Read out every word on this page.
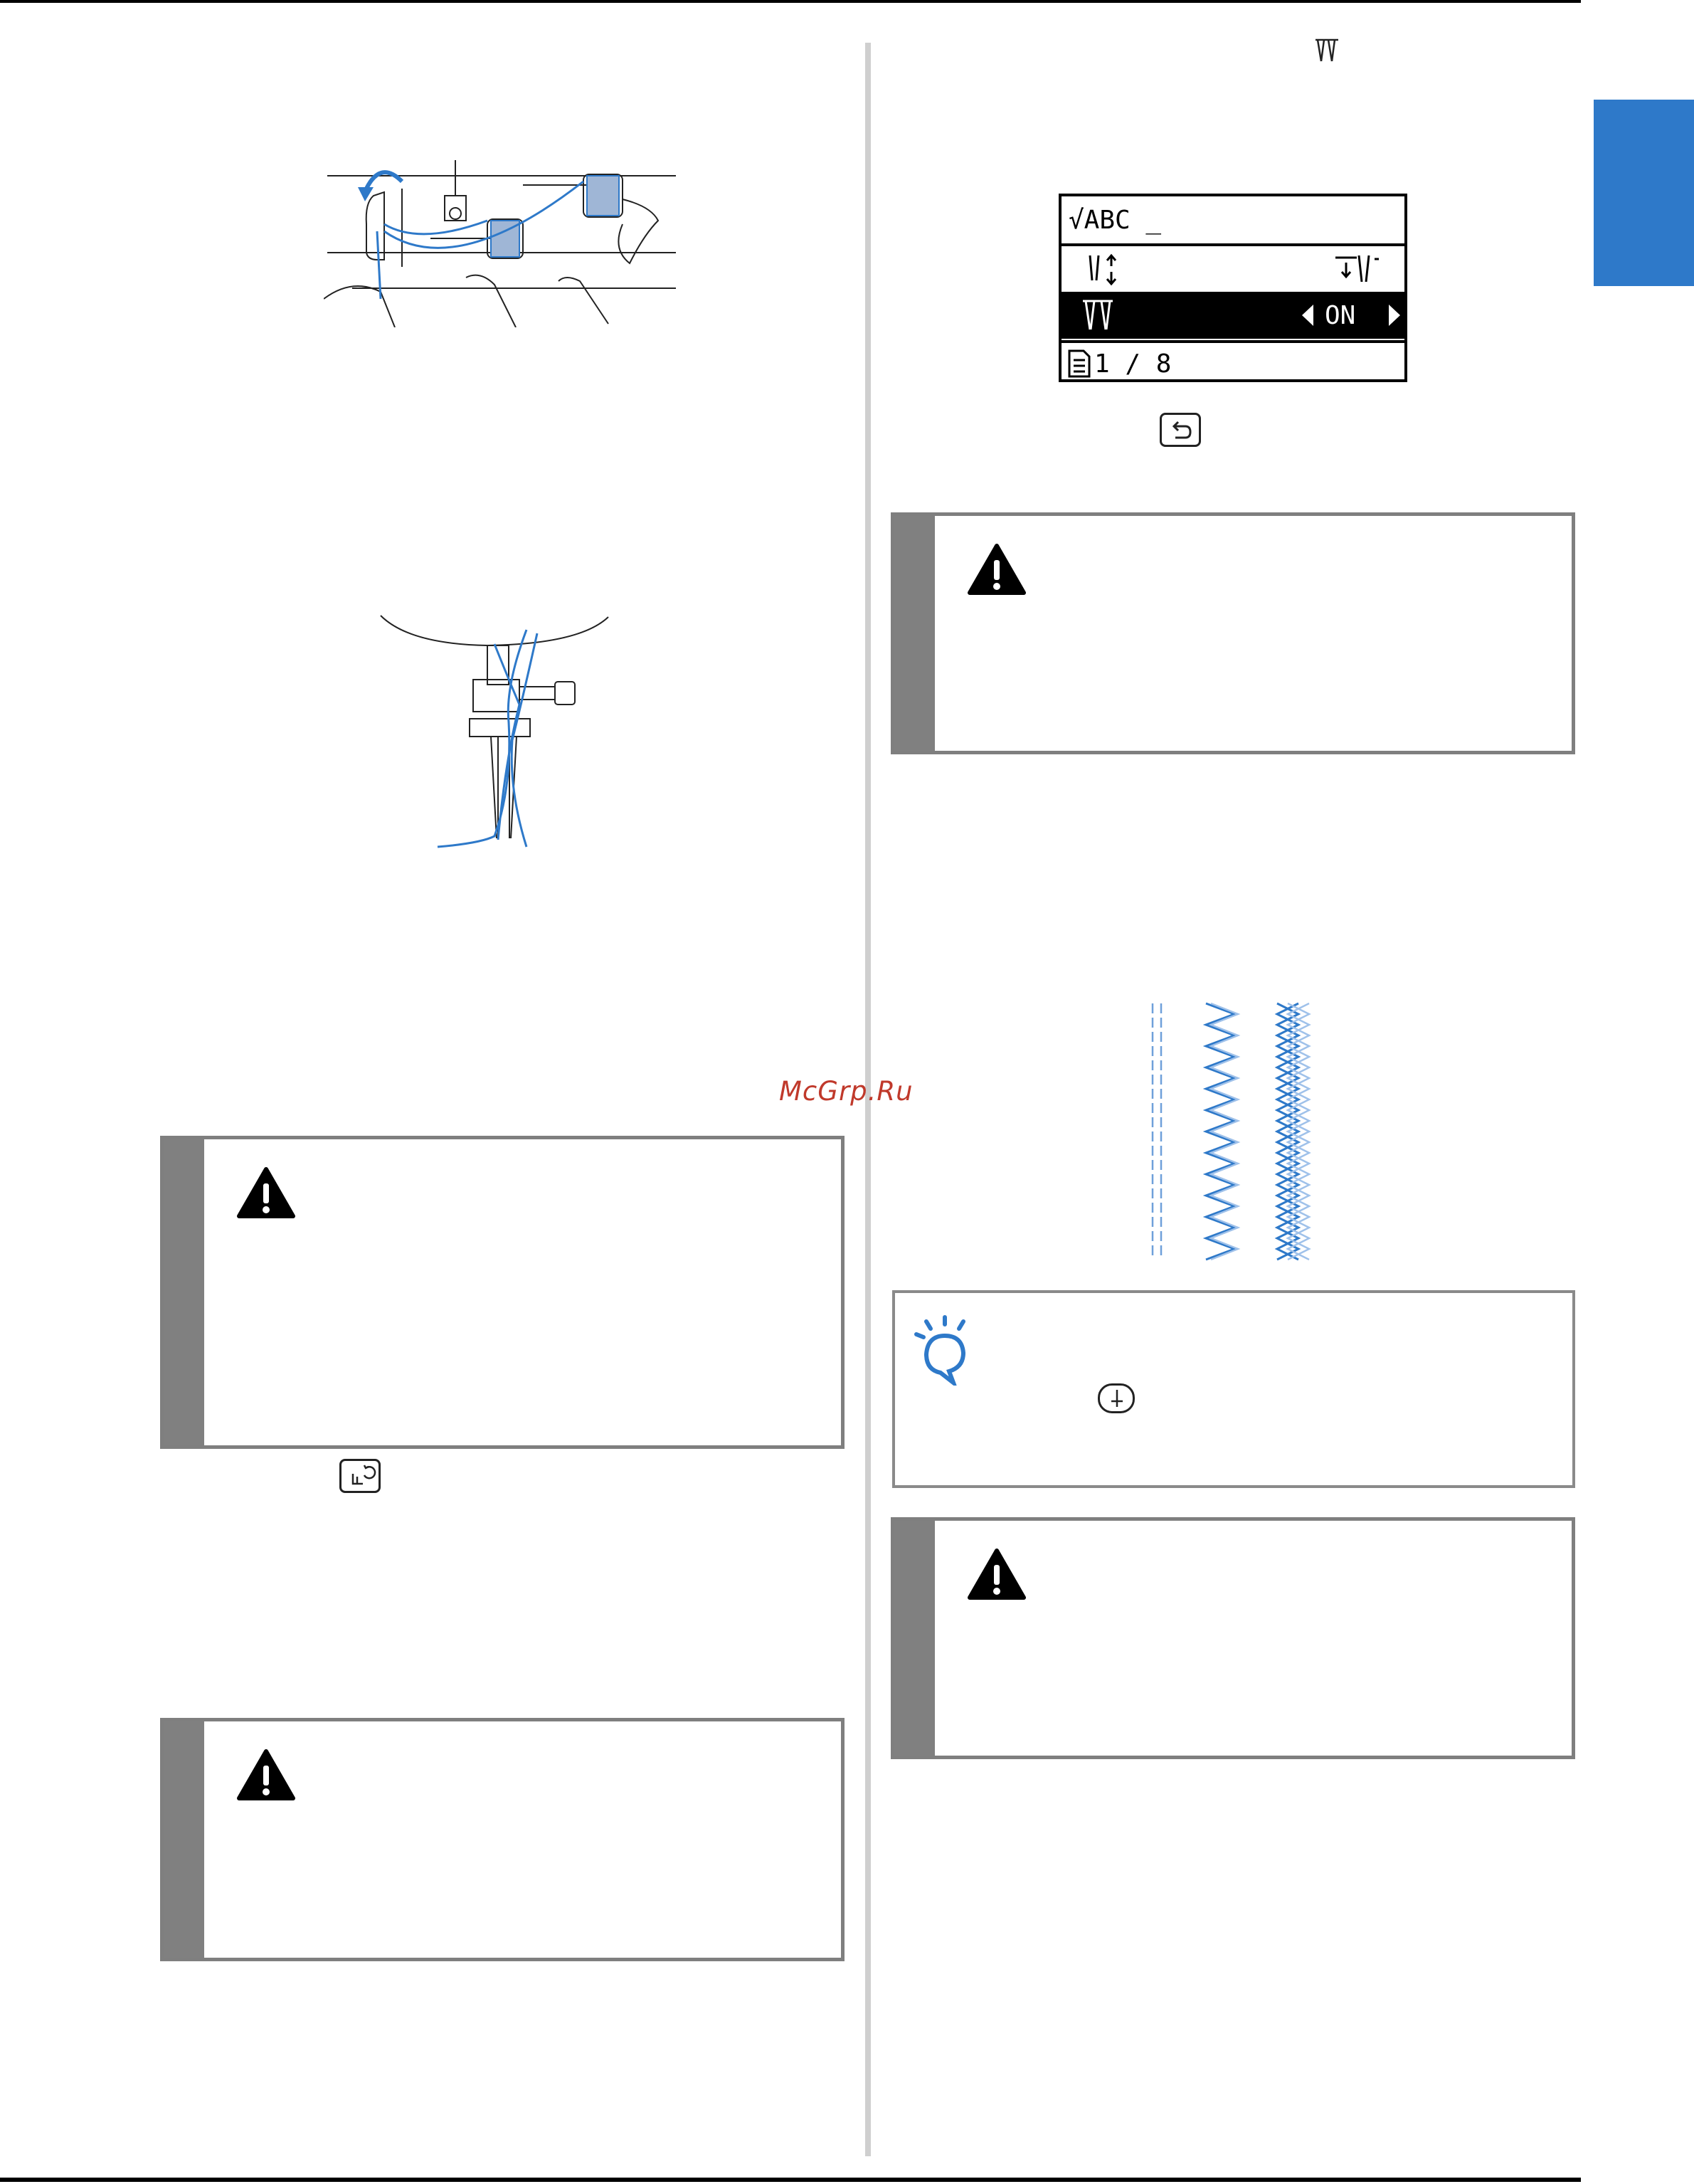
√ABC _
ON
1 / 8
McGrp.Ru
